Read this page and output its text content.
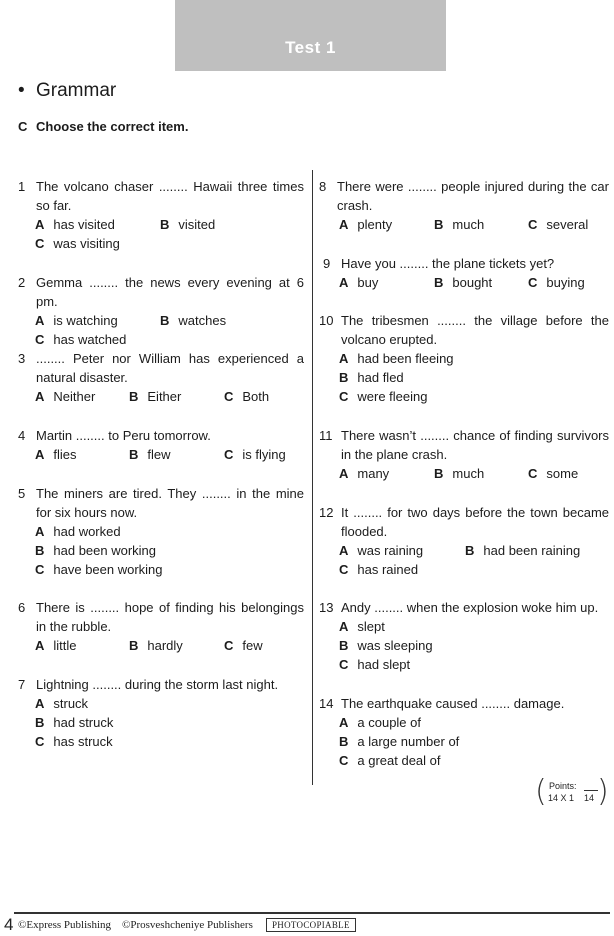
Test 1
• Grammar
C Choose the correct item.
1 The volcano chaser ........ Hawaii three times so far.
A has visited	B visited
C was visiting
2 Gemma ........ the news every evening at 6 pm.
A is watching	B watches
C has watched
3 ........ Peter nor William has experienced a natural disaster.
A Neither	B Either	C Both
4 Martin ........ to Peru tomorrow.
A flies	B flew	C is flying
5 The miners are tired. They ........ in the mine for six hours now.
A had worked
B had been working
C have been working
6 There is ........ hope of finding his belongings in the rubble.
A little	B hardly	C few
7 Lightning ........ during the storm last night.
A struck
B had struck
C has struck
8 There were ........ people injured during the car crash.
A plenty	B much	C several
9 Have you ........ the plane tickets yet?
A buy	B bought	C buying
10 The tribesmen ........ the village before the volcano erupted.
A had been fleeing
B had fled
C were fleeing
11 There wasn’t ........ chance of finding survivors in the plane crash.
A many	B much	C some
12 It ........ for two days before the town became flooded.
A was raining	B had been raining
C has rained
13 Andy ........ when the explosion woke him up.
A slept
B was sleeping
C had slept
14 The earthquake caused ........ damage.
A a couple of
B a large number of
C a great deal of
( Points:
14 X 1 14 )
4 ©Express Publishing ©Prosveshcheniye Publishers	PHOTOCOPIABLE
